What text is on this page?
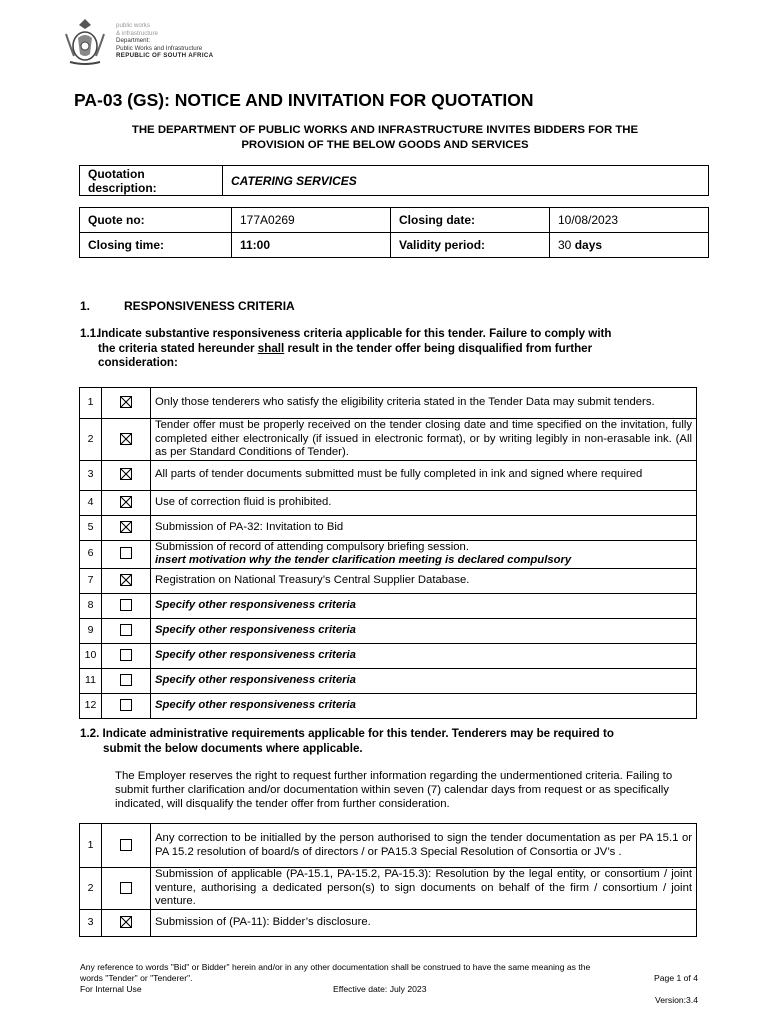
public works
& infrastructure
Department:
Public Works and Infrastructure
REPUBLIC OF SOUTH AFRICA
PA-03 (GS): NOTICE AND INVITATION FOR QUOTATION
THE DEPARTMENT OF PUBLIC WORKS AND INFRASTRUCTURE INVITES BIDDERS FOR THE
PROVISION OF THE BELOW GOODS AND SERVICES
Quotation
description:	CATERING SERVICES
Quote no:	177A0269	Closing date:	10/08/2023
Closing time:	11:00	Validity period:	30 days
1.	RESPONSIVENESS CRITERIA
1.1.Indicate substantive responsiveness criteria applicable for this tender. Failure to comply with
the criteria stated hereunder shall result in the tender offer being disqualified from further
consideration:
1		Only those tenderers who satisfy the eligibility criteria stated in the Tender Data may submit tenders.

2		Tender offer must be properly received on the tender closing date and time specified on the invitation, fully completed either electronically (if issued in electronic format), or by writing legibly in non-erasable ink. (All as per Standard Conditions of Tender).

3		All parts of tender documents submitted must be fully completed in ink and signed where required

4		Use of correction fluid is prohibited.

5		Submission of PA-32: Invitation to Bid

6		Submission of record of attending compulsory briefing session.
insert motivation why the tender clarification meeting is declared compulsory

7		Registration on National Treasury’s Central Supplier Database.

8		Specify other responsiveness criteria

9		Specify other responsiveness criteria

10		Specify other responsiveness criteria

11		Specify other responsiveness criteria

12		Specify other responsiveness criteria
1.2. Indicate administrative requirements applicable for this tender. Tenderers may be required to
submit the below documents where applicable.
The Employer reserves the right to request further information regarding the undermentioned criteria. Failing to submit further clarification and/or documentation within seven (7) calendar days from request or as specifically indicated, will disqualify the tender offer from further consideration.
1		Any correction to be initialled by the person authorised to sign the tender documentation as per PA 15.1 or PA 15.2 resolution of board/s of directors / or PA15.3 Special Resolution of Consortia or JV’s .

2		Submission of applicable (PA-15.1, PA-15.2, PA-15.3): Resolution by the legal entity, or consortium / joint venture, authorising a dedicated person(s) to sign documents on behalf of the firm / consortium / joint venture.

3		Submission of (PA-11): Bidder’s disclosure.
Any reference to words "Bid" or Bidder" herein and/or in any other documentation shall be construed to have the same meaning as the
words "Tender" or "Tenderer".	Page 1 of 4
For Internal Use	Effective date: July 2023
Version:3.4
